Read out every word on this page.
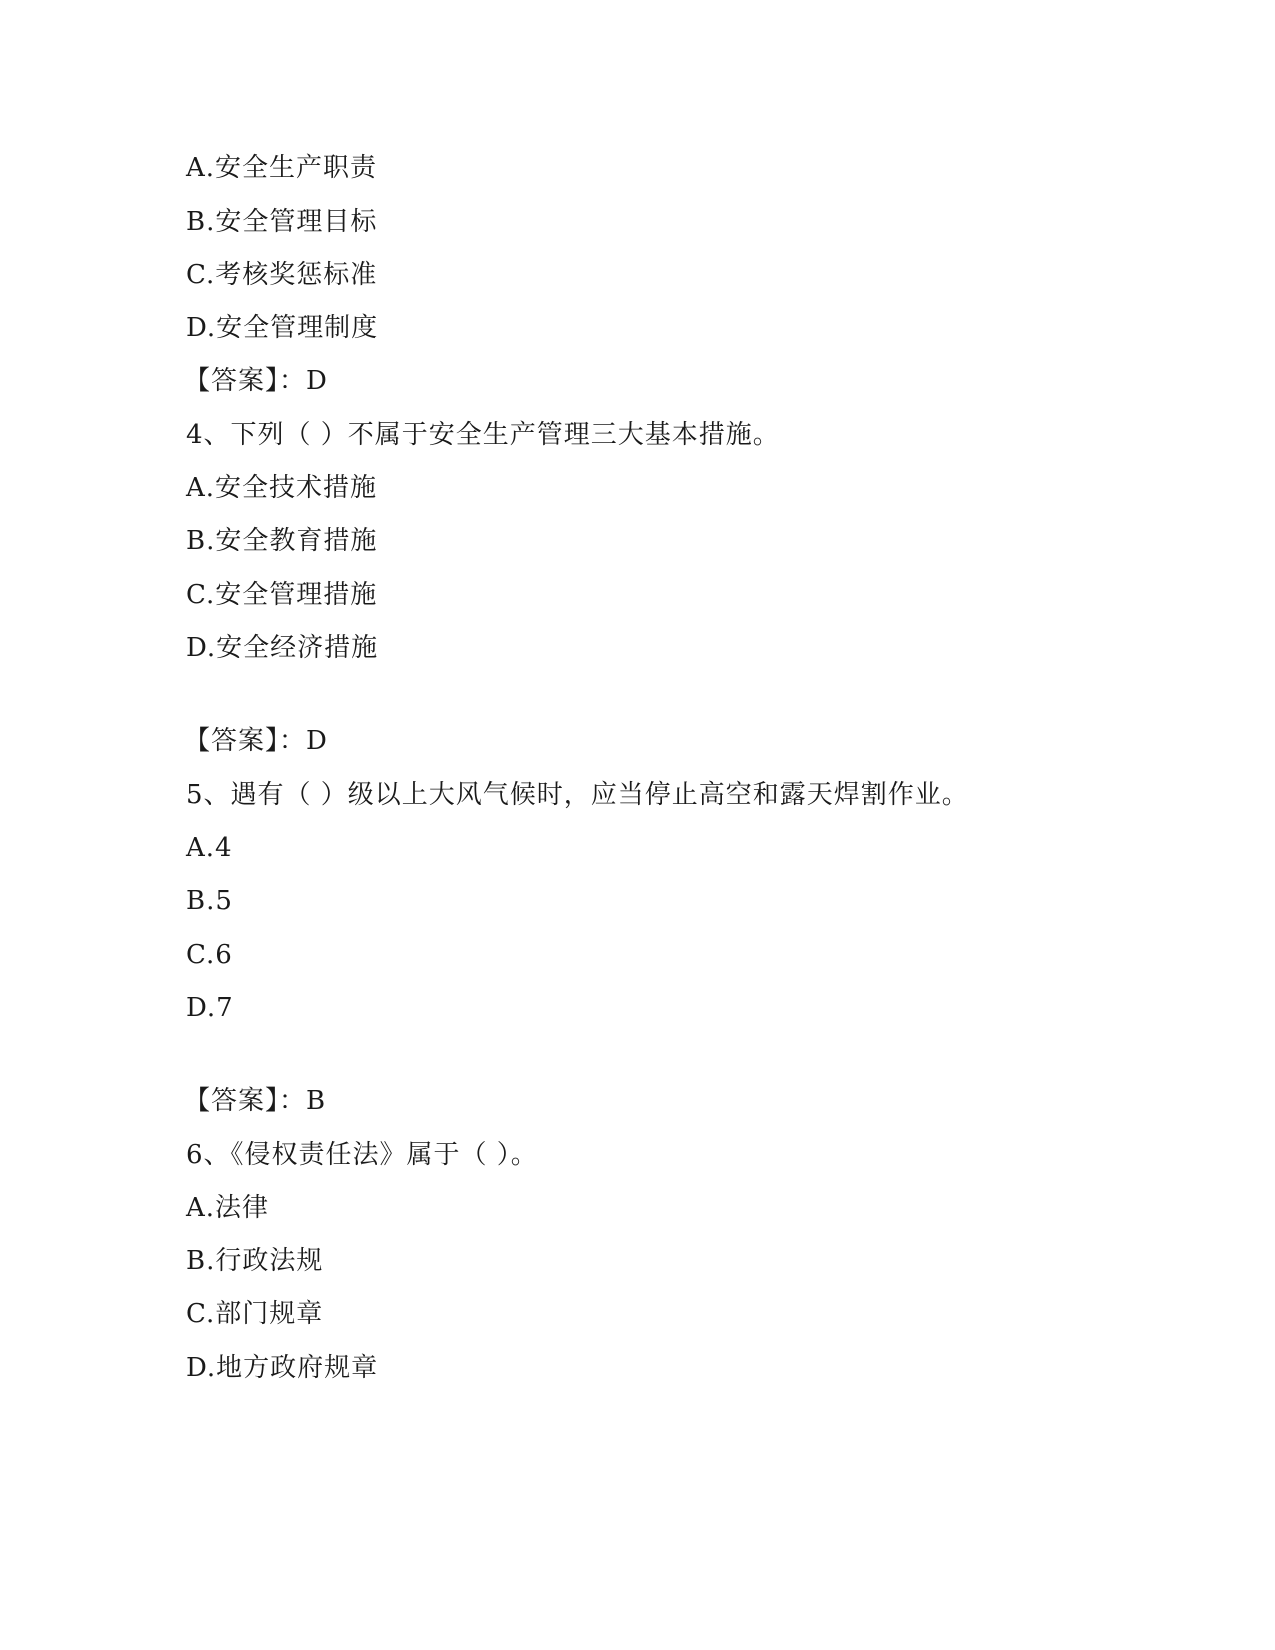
A.安全生产职责
B.安全管理目标
C.考核奖惩标准
D.安全管理制度
【答案】：D
4、下列（ ）不属于安全生产管理三大基本措施。
A.安全技术措施
B.安全教育措施
C.安全管理措施
D.安全经济措施
【答案】：D
5、遇有（ ）级以上大风气候时，应当停止高空和露天焊割作业。
A.4
B.5
C.6
D.7
【答案】：B
6、《侵权责任法》属于（ ）。
A.法律
B.行政法规
C.部门规章
D.地方政府规章
